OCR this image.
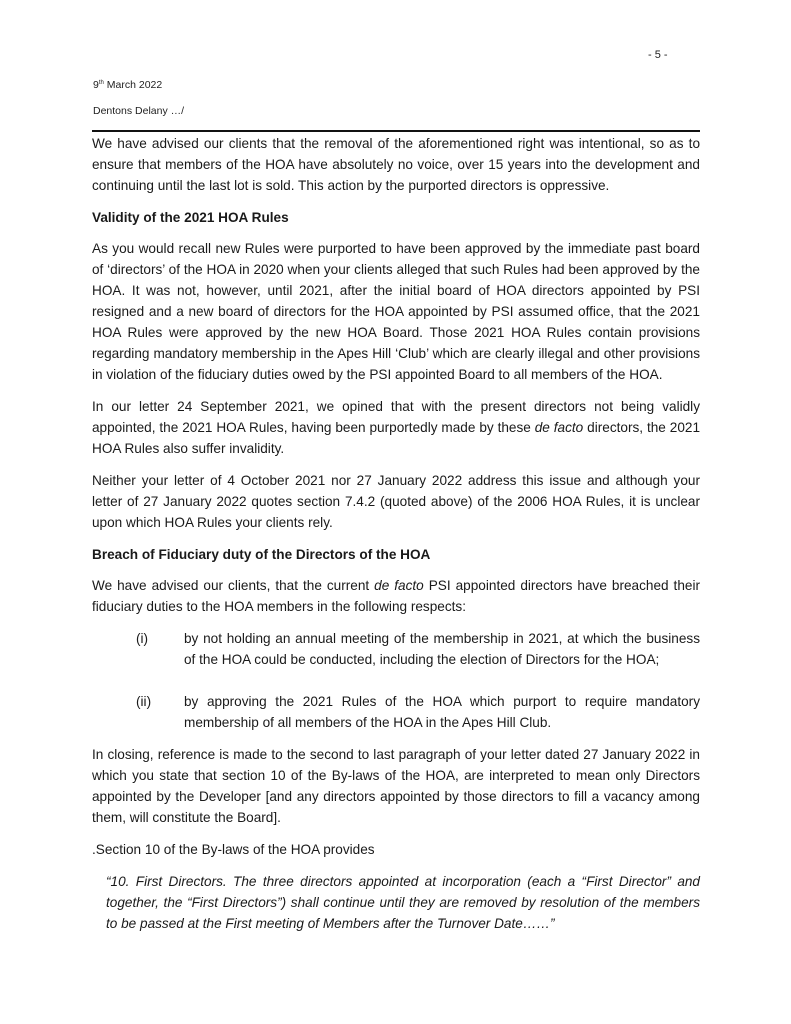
- 5 -
9th March 2022
Dentons Delany …/

We have advised our clients that the removal of the aforementioned right was intentional, so as to ensure that members of the HOA have absolutely no voice, over 15 years into the development and continuing until the last lot is sold. This action by the purported directors is oppressive.

Validity of the 2021 HOA Rules

As you would recall new Rules were purported to have been approved by the immediate past board of ‘directors’ of the HOA in 2020 when your clients alleged that such Rules had been approved by the HOA. It was not, however, until 2021, after the initial board of HOA directors appointed by PSI resigned and a new board of directors for the HOA appointed by PSI assumed office, that the 2021 HOA Rules were approved by the new HOA Board. Those 2021 HOA Rules contain provisions regarding mandatory membership in the Apes Hill ‘Club’ which are clearly illegal and other provisions in violation of the fiduciary duties owed by the PSI appointed Board to all members of the HOA.

In our letter 24 September 2021, we opined that with the present directors not being validly appointed, the 2021 HOA Rules, having been purportedly made by these de facto directors, the 2021 HOA Rules also suffer invalidity.

Neither your letter of 4 October 2021 nor 27 January 2022 address this issue and although your letter of 27 January 2022 quotes section 7.4.2 (quoted above) of the 2006 HOA Rules, it is unclear upon which HOA Rules your clients rely.

Breach of Fiduciary duty of the Directors of the HOA

We have advised our clients, that the current de facto PSI appointed directors have breached their fiduciary duties to the HOA members in the following respects:

(i)	by not holding an annual meeting of the membership in 2021, at which the business of the HOA could be conducted, including the election of Directors for the HOA;
(ii)	by approving the 2021 Rules of the HOA which purport to require mandatory membership of all members of the HOA in the Apes Hill Club.

In closing, reference is made to the second to last paragraph of your letter dated 27 January 2022 in which you state that section 10 of the By-laws of the HOA, are interpreted to mean only Directors appointed by the Developer [and any directors appointed by those directors to fill a vacancy among them, will constitute the Board].

.Section 10 of the By-laws of the HOA provides

“10. First Directors. The three directors appointed at incorporation (each a “First Director” and together, the “First Directors”) shall continue until they are removed by resolution of the members to be passed at the First meeting of Members after the Turnover Date……”
